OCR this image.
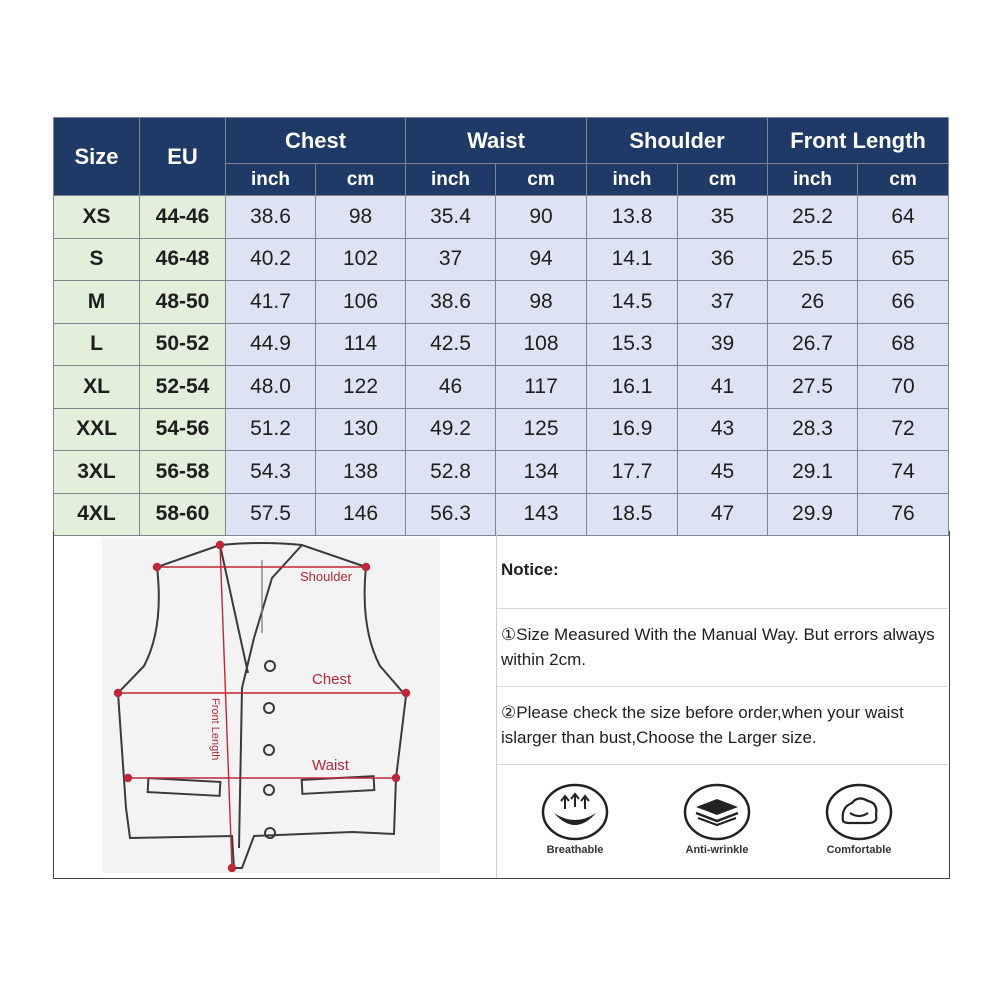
Size	EU	Chest		Waist		Shoulder		Front Length	
		inch	cm	inch	cm	inch	cm	inch	cm
XS	44-46	38.6	98	35.4	90	13.8	35	25.2	64
S	46-48	40.2	102	37	94	14.1	36	25.5	65
M	48-50	41.7	106	38.6	98	14.5	37	26	66
L	50-52	44.9	114	42.5	108	15.3	39	26.7	68
XL	52-54	48.0	122	46	117	16.1	41	27.5	70
XXL	54-56	51.2	130	49.2	125	16.9	43	28.3	72
3XL	56-58	54.3	138	52.8	134	17.7	45	29.1	74
4XL	58-60	57.5	146	56.3	143	18.5	47	29.9	76
Shoulder
Chest
Waist
Front Length
Notice:
①Size Measured With the Manual Way. But errors always within 2cm.
②Please check the size before order,when your waist islarger than bust,Choose the Larger size.
Breathable	Anti-wrinkle	Comfortable
